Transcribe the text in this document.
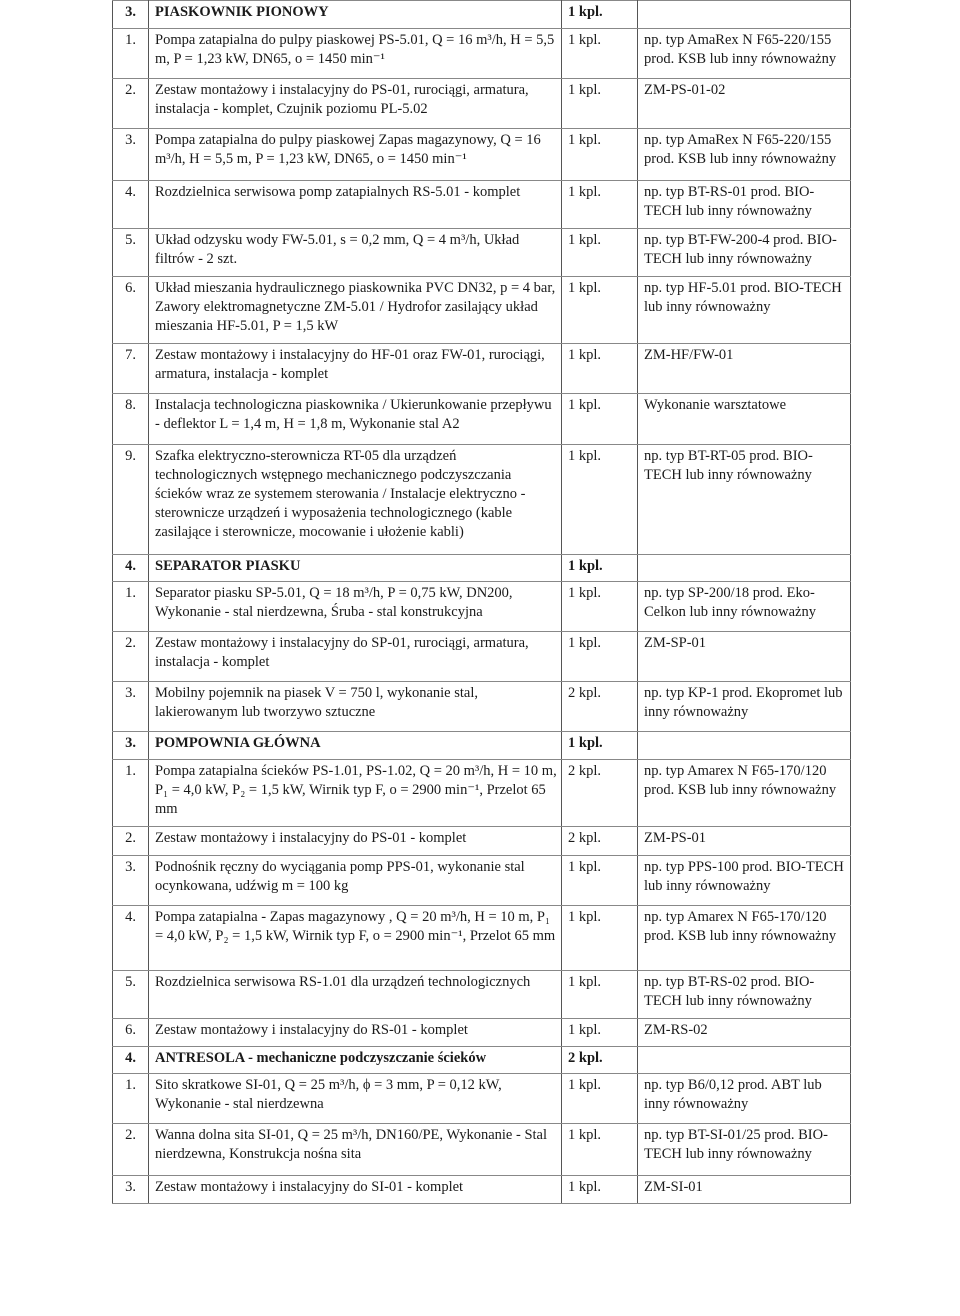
3.	PIASKOWNIK PIONOWY	1 kpl.	
1.	Pompa zatapialna do pulpy piaskowej PS-5.01, Q = 16 m³/h, H = 5,5 m, P = 1,23 kW, DN65, o = 1450 min⁻¹	1 kpl.	np. typ AmaRex N F65-220/155 prod. KSB lub inny równoważny
2.	Zestaw montażowy i instalacyjny do PS-01, rurociągi, armatura, instalacja - komplet, Czujnik poziomu PL-5.02	1 kpl.	ZM-PS-01-02
3.	Pompa zatapialna do pulpy piaskowej Zapas magazynowy, Q = 16 m³/h, H = 5,5 m, P = 1,23 kW, DN65, o = 1450 min⁻¹	1 kpl.	np. typ AmaRex N F65-220/155 prod. KSB lub inny równoważny
4.	Rozdzielnica serwisowa pomp zatapialnych RS-5.01 - komplet	1 kpl.	np. typ BT-RS-01 prod. BIO-TECH lub inny równoważny
5.	Układ odzysku wody FW-5.01, s = 0,2 mm, Q = 4 m³/h, Układ filtrów - 2 szt.	1 kpl.	np. typ BT-FW-200-4 prod. BIO-TECH lub inny równoważny
6.	Układ mieszania hydraulicznego piaskownika PVC DN32, p = 4 bar, Zawory elektromagnetyczne ZM-5.01 / Hydrofor zasilający układ mieszania HF-5.01, P = 1,5 kW	1 kpl.	np. typ HF-5.01 prod. BIO-TECH lub inny równoważny
7.	Zestaw montażowy i instalacyjny do HF-01 oraz FW-01, rurociągi, armatura, instalacja - komplet	1 kpl.	ZM-HF/FW-01
8.	Instalacja technologiczna piaskownika / Ukierunkowanie przepływu - deflektor L = 1,4 m, H = 1,8 m, Wykonanie stal A2	1 kpl.	Wykonanie warsztatowe
9.	Szafka elektryczno-sterownicza RT-05 dla urządzeń technologicznych wstępnego mechanicznego podczyszczania ścieków wraz ze systemem sterowania / Instalacje elektryczno - sterownicze urządzeń i wyposażenia technologicznego (kable zasilające i sterownicze, mocowanie i ułożenie kabli)	1 kpl.	np. typ BT-RT-05 prod. BIO-TECH lub inny równoważny
4.	SEPARATOR PIASKU	1 kpl.	
1.	Separator piasku SP-5.01, Q = 18 m³/h, P = 0,75 kW, DN200, Wykonanie - stal nierdzewna, Śruba - stal konstrukcyjna	1 kpl.	np. typ SP-200/18 prod. Eko-Celkon lub inny równoważny
2.	Zestaw montażowy i instalacyjny do SP-01, rurociągi, armatura, instalacja - komplet	1 kpl.	ZM-SP-01
3.	Mobilny pojemnik na piasek V = 750 l, wykonanie stal, lakierowanym lub tworzywo sztuczne	2 kpl.	np. typ KP-1 prod. Ekopromet lub inny równoważny
3.	POMPOWNIA GŁÓWNA	1 kpl.	
1.	Pompa zatapialna ścieków PS-1.01, PS-1.02, Q = 20 m³/h, H = 10 m, P₁ = 4,0 kW, P₂ = 1,5 kW, Wirnik typ F, o = 2900 min⁻¹, Przelot 65 mm	2 kpl.	np. typ Amarex N F65-170/120 prod. KSB lub inny równoważny
2.	Zestaw montażowy i instalacyjny do PS-01 - komplet	2 kpl.	ZM-PS-01
3.	Podnośnik ręczny do wyciągania pomp PPS-01, wykonanie stal ocynkowana, udźwig m = 100 kg	1 kpl.	np. typ PPS-100 prod. BIO-TECH lub inny równoważny
4.	Pompa zatapialna - Zapas magazynowy , Q = 20 m³/h, H = 10 m, P₁ = 4,0 kW, P₂ = 1,5 kW, Wirnik typ F, o = 2900 min⁻¹, Przelot 65 mm	1 kpl.	np. typ Amarex N F65-170/120 prod. KSB lub inny równoważny
5.	Rozdzielnica serwisowa RS-1.01 dla urządzeń technologicznych	1 kpl.	np. typ BT-RS-02 prod. BIO-TECH lub inny równoważny
6.	Zestaw montażowy i instalacyjny do RS-01 - komplet	1 kpl.	ZM-RS-02
4.	ANTRESOLA - mechaniczne podczyszczanie ścieków	2 kpl.	
1.	Sito skratkowe SI-01, Q = 25 m³/h, ϕ = 3 mm, P = 0,12 kW, Wykonanie - stal nierdzewna	1 kpl.	np. typ B6/0,12 prod. ABT lub inny równoważny
2.	Wanna dolna sita SI-01, Q = 25 m³/h, DN160/PE, Wykonanie - Stal nierdzewna, Konstrukcja nośna sita	1 kpl.	np. typ BT-SI-01/25 prod. BIO-TECH lub inny równoważny
3.	Zestaw montażowy i instalacyjny do SI-01 - komplet	1 kpl.	ZM-SI-01
